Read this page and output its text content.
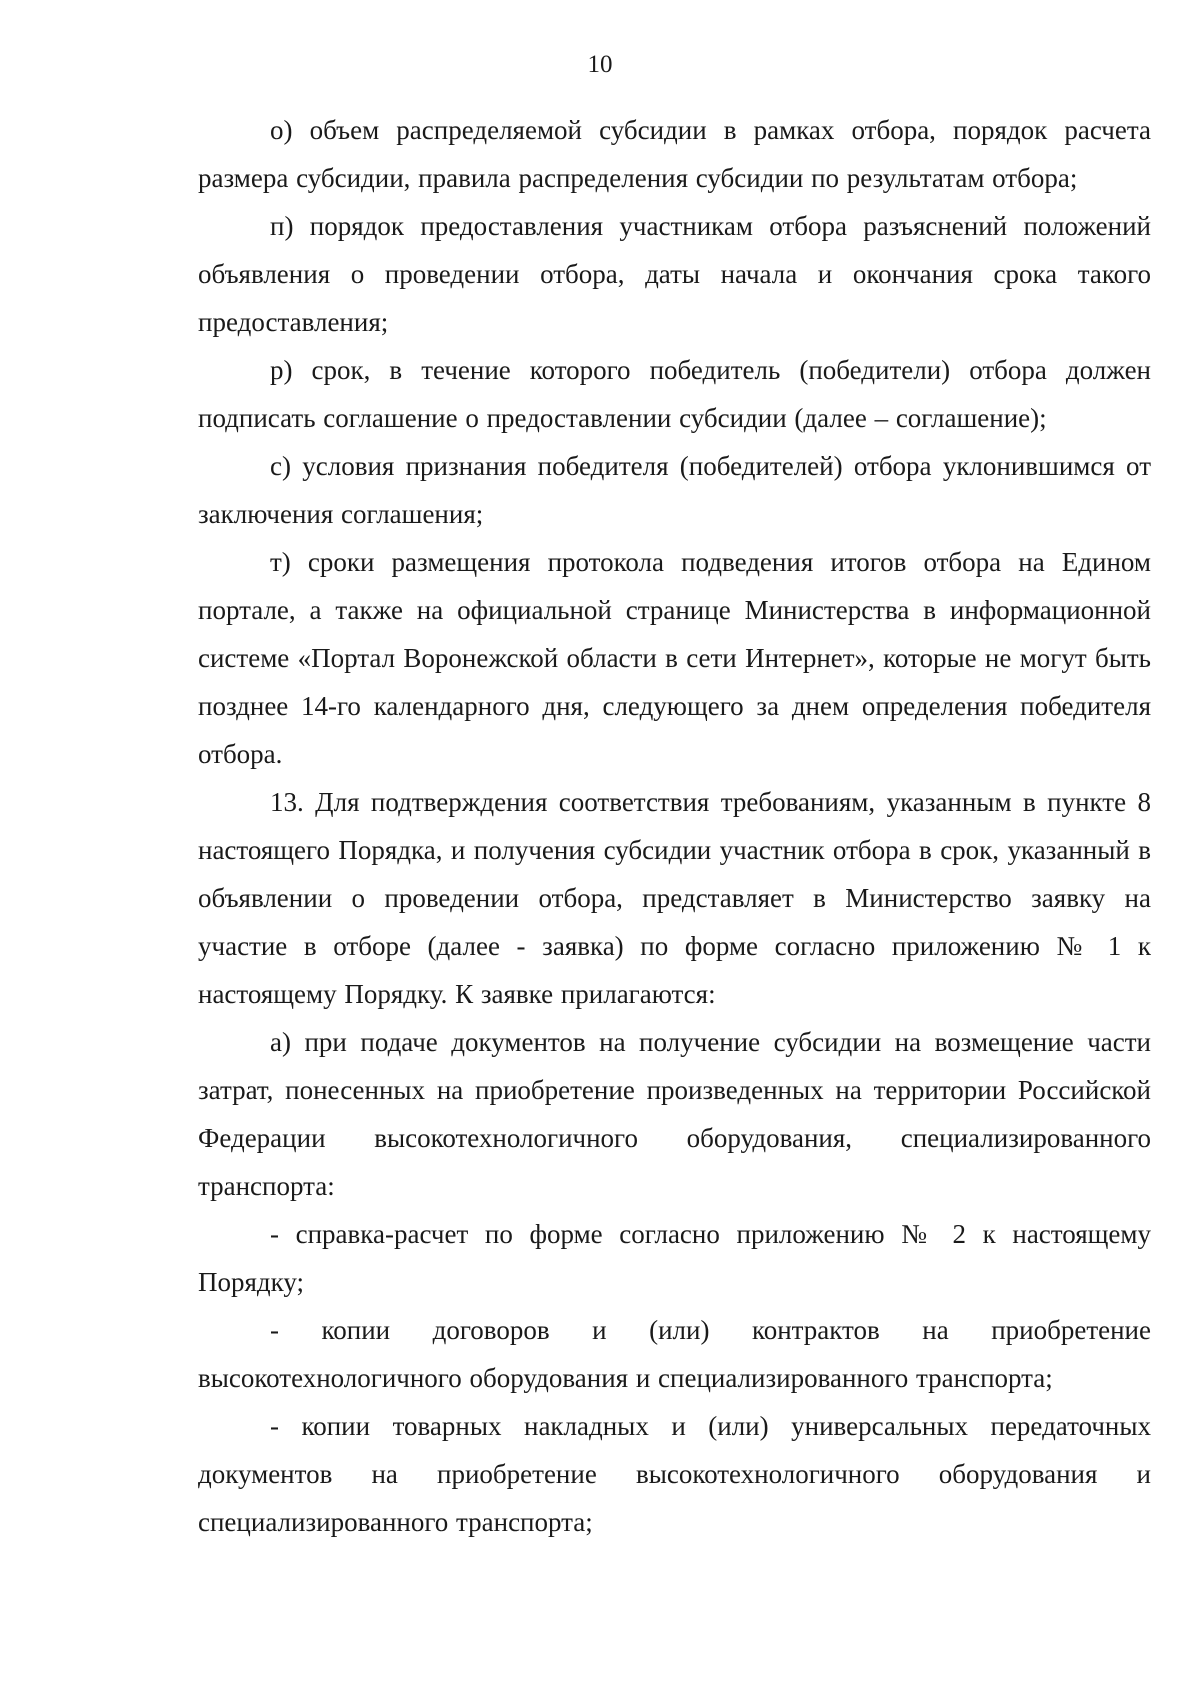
10

о) объем распределяемой субсидии в рамках отбора, порядок расчета размера субсидии, правила распределения субсидии по результатам отбора;

п) порядок предоставления участникам отбора разъяснений положений объявления о проведении отбора, даты начала и окончания срока такого предоставления;

р) срок, в течение которого победитель (победители) отбора должен подписать соглашение о предоставлении субсидии (далее – соглашение);

с) условия признания победителя (победителей) отбора уклонившимся от заключения соглашения;

т) сроки размещения протокола подведения итогов отбора на Едином портале, а также на официальной странице Министерства в информационной системе «Портал Воронежской области в сети Интернет», которые не могут быть позднее 14-го календарного дня, следующего за днем определения победителя отбора.

13. Для подтверждения соответствия требованиям, указанным в пункте 8 настоящего Порядка, и получения субсидии участник отбора в срок, указанный в объявлении о проведении отбора, представляет в Министерство заявку на участие в отборе (далее - заявка) по форме согласно приложению № 1 к настоящему Порядку. К заявке прилагаются:

а) при подаче документов на получение субсидии на возмещение части затрат, понесенных на приобретение произведенных на территории Российской Федерации высокотехнологичного оборудования, специализированного транспорта:

- справка-расчет по форме согласно приложению № 2 к настоящему Порядку;

- копии договоров и (или) контрактов на приобретение высокотехнологичного оборудования и специализированного транспорта;

- копии товарных накладных и (или) универсальных передаточных документов на приобретение высокотехнологичного оборудования и специализированного транспорта;
